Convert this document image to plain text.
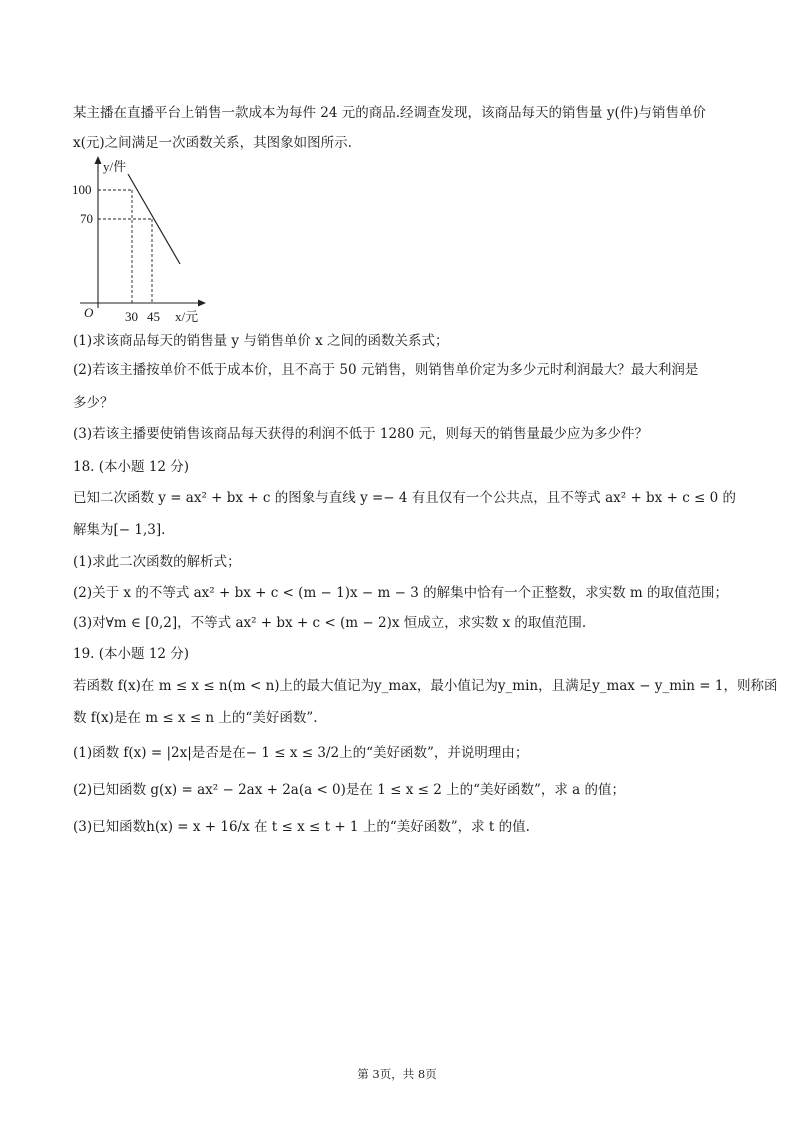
某主播在直播平台上销售一款成本为每件 24 元的商品.经调查发现，该商品每天的销售量 y(件)与销售单价
x(元)之间满足一次函数关系，其图象如图所示.
y/件
100
70
O 30 45 x/元
(1)求该商品每天的销售量 y 与销售单价 x 之间的函数关系式；
(2)若该主播按单价不低于成本价，且不高于 50 元销售，则销售单价定为多少元时利润最大？最大利润是
多少？
(3)若该主播要使销售该商品每天获得的利润不低于 1280 元，则每天的销售量最少应为多少件？
18. (本小题 12 分)
已知二次函数 y = ax² + bx + c 的图象与直线 y =− 4 有且仅有一个公共点，且不等式 ax² + bx + c ≤ 0 的
解集为[− 1,3].
(1)求此二次函数的解析式；
(2)关于 x 的不等式 ax² + bx + c < (m − 1)x − m − 3 的解集中恰有一个正整数，求实数 m 的取值范围；
(3)对∀m ∈ [0,2]，不等式 ax² + bx + c < (m − 2)x 恒成立，求实数 x 的取值范围.
19. (本小题 12 分)
若函数 f(x)在 m ≤ x ≤ n(m < n)上的最大值记为y_max，最小值记为y_min，且满足y_max − y_min = 1，则称函
数 f(x)是在 m ≤ x ≤ n 上的“美好函数”.
(1)函数 f(x) = |2x|是否是在− 1 ≤ x ≤ 3/2上的“美好函数”，并说明理由；
(2)已知函数 g(x) = ax² − 2ax + 2a(a < 0)是在 1 ≤ x ≤ 2 上的“美好函数”，求 a 的值；
(3)已知函数h(x) = x + 16/x 在 t ≤ x ≤ t + 1 上的“美好函数”，求 t 的值.
第 3页，共 8页
